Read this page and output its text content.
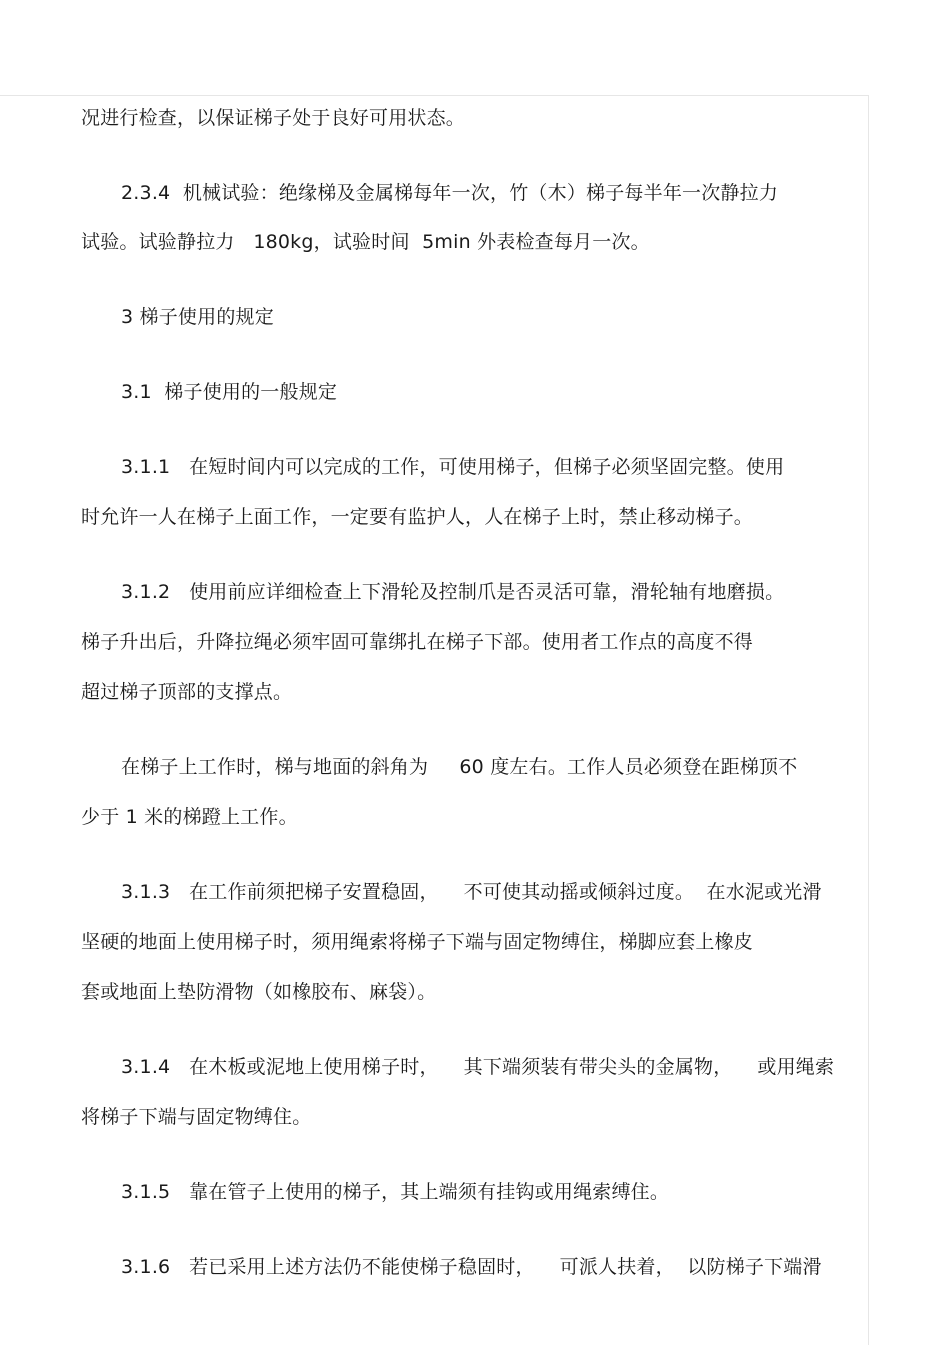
况进行检查，以保证梯子处于良好可用状态。
2.3.4  机械试验：绝缘梯及金属梯每年一次，竹（木）梯子每半年一次静拉力
试验。试验静拉力   180kg，试验时间  5min 外表检查每月一次。
3 梯子使用的规定
3.1  梯子使用的一般规定
3.1.1   在短时间内可以完成的工作，可使用梯子，但梯子必须坚固完整。使用
时允许一人在梯子上面工作，一定要有监护人，人在梯子上时，禁止移动梯子。
3.1.2   使用前应详细检查上下滑轮及控制爪是否灵活可靠，滑轮轴有地磨损。
梯子升出后，升降拉绳必须牢固可靠绑扎在梯子下部。使用者工作点的高度不得
超过梯子顶部的支撑点。
在梯子上工作时，梯与地面的斜角为     60 度左右。工作人员必须登在距梯顶不
少于 1 米的梯蹬上工作。
3.1.3   在工作前须把梯子安置稳固，    不可使其动摇或倾斜过度。  在水泥或光滑
坚硬的地面上使用梯子时，须用绳索将梯子下端与固定物缚住，梯脚应套上橡皮
套或地面上垫防滑物（如橡胶布、麻袋）。
3.1.4   在木板或泥地上使用梯子时，    其下端须装有带尖头的金属物，    或用绳索
将梯子下端与固定物缚住。
3.1.5   靠在管子上使用的梯子，其上端须有挂钩或用绳索缚住。
3.1.6   若已采用上述方法仍不能使梯子稳固时，    可派人扶着，  以防梯子下端滑
